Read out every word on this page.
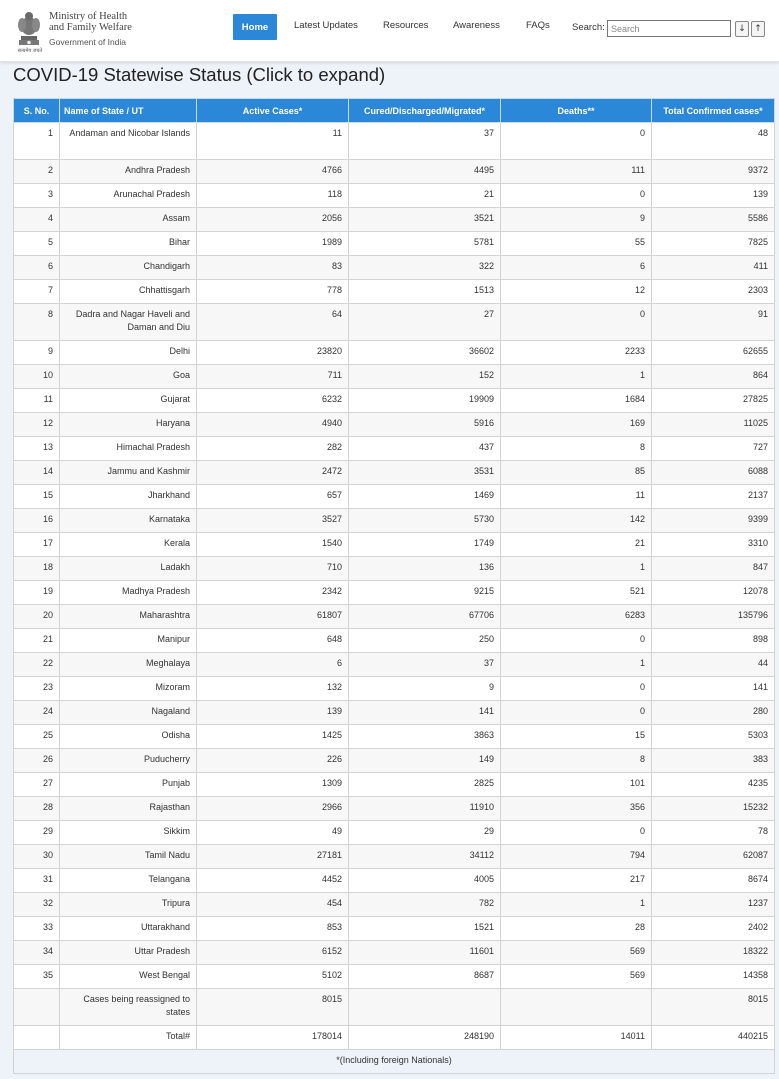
सत्यमेव जयते
Ministry of Health
and Family Welfare
Government of India
Home	Latest Updates	Resources	Awareness	FAQs Search:
Search	↓ ↑
COVID-19 Statewise Status (Click to expand)
S. No.	Name of State / UT	Active Cases*	Cured/Discharged/Migrated*	Deaths**	Total Confirmed cases*
1	Andaman and Nicobar Islands	11	37	0	48
2	Andhra Pradesh	4766	4495	111	9372
3	Arunachal Pradesh	118	21	0	139
4	Assam	2056	3521	9	5586
5	Bihar	1989	5781	55	7825
6	Chandigarh	83	322	6	411
7	Chhattisgarh	778	1513	12	2303
8	Dadra and Nagar Haveli and Daman and Diu	64	27	0	91
9	Delhi	23820	36602	2233	62655
10	Goa	711	152	1	864
11	Gujarat	6232	19909	1684	27825
12	Haryana	4940	5916	169	11025
13	Himachal Pradesh	282	437	8	727
14	Jammu and Kashmir	2472	3531	85	6088
15	Jharkhand	657	1469	11	2137
16	Karnataka	3527	5730	142	9399
17	Kerala	1540	1749	21	3310
18	Ladakh	710	136	1	847
19	Madhya Pradesh	2342	9215	521	12078
20	Maharashtra	61807	67706	6283	135796
21	Manipur	648	250	0	898
22	Meghalaya	6	37	1	44
23	Mizoram	132	9	0	141
24	Nagaland	139	141	0	280
25	Odisha	1425	3863	15	5303
26	Puducherry	226	149	8	383
27	Punjab	1309	2825	101	4235
28	Rajasthan	2966	11910	356	15232
29	Sikkim	49	29	0	78
30	Tamil Nadu	27181	34112	794	62087
31	Telangana	4452	4005	217	8674
32	Tripura	454	782	1	1237
33	Uttarakhand	853	1521	28	2402
34	Uttar Pradesh	6152	11601	569	18322
35	West Bengal	5102	8687	569	14358
	Cases being reassigned to states	8015			8015
	Total#	178014	248190	14011	440215
*(Including foreign Nationals)					
